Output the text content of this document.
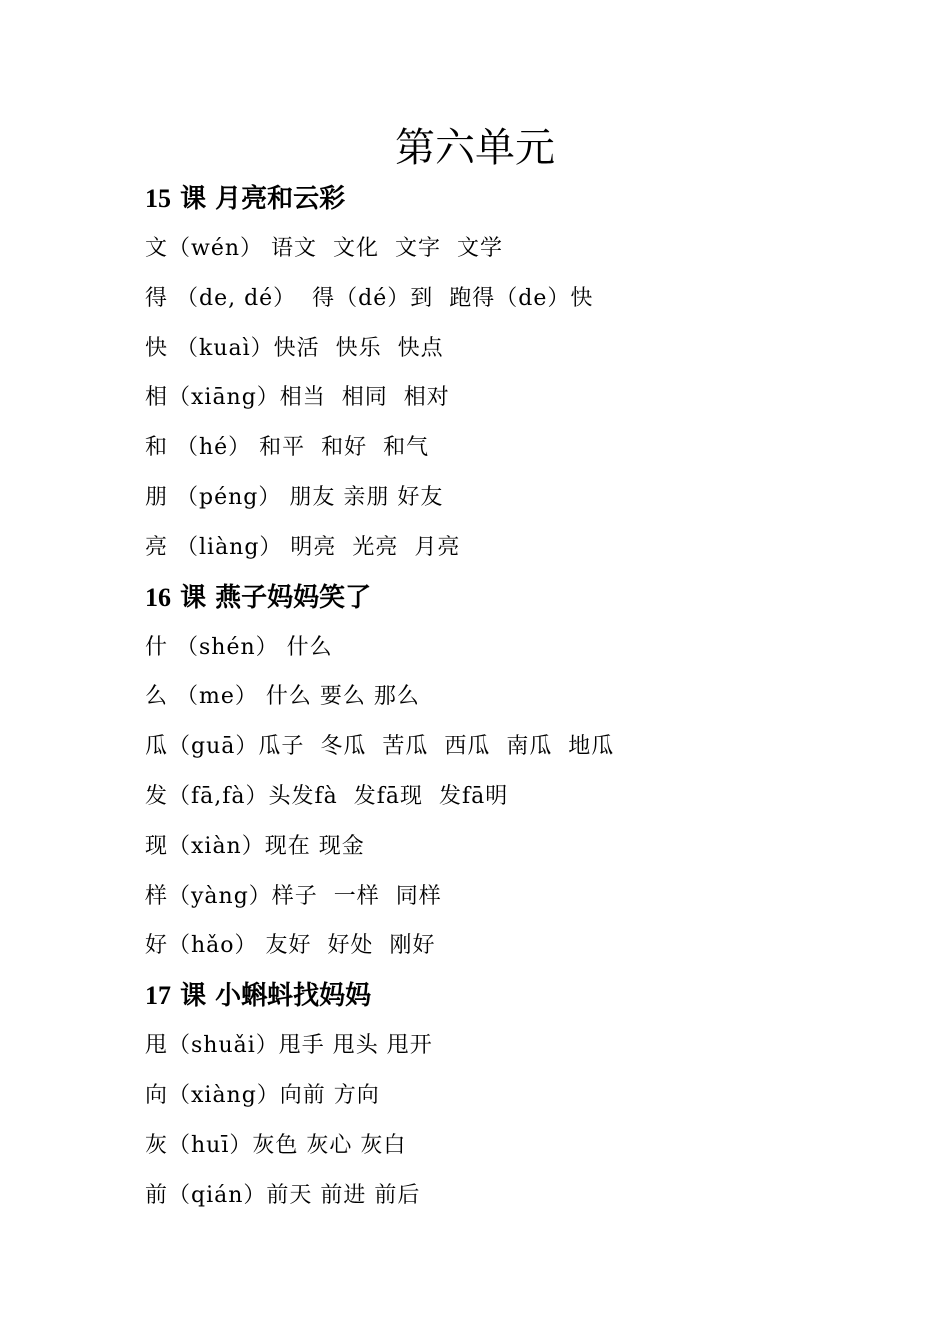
第六单元
15 课 月亮和云彩
文（wén） 语文  文化  文字  文学
得 （de, dé）  得（dé）到  跑得（de）快
快 （kuaì）快活  快乐  快点
相（xiāng）相当  相同  相对
和 （hé） 和平  和好  和气
朋 （péng） 朋友 亲朋 好友
亮 （liàng） 明亮  光亮  月亮
16 课 燕子妈妈笑了
什 （shén） 什么
么 （me） 什么 要么 那么
瓜（guā）瓜子  冬瓜  苦瓜  西瓜  南瓜  地瓜
发（fā,fà）头发fà  发fā现  发fā明
现（xiàn）现在 现金
样（yàng）样子  一样  同样
好（hǎo） 友好  好处  刚好
17 课 小蝌蚪找妈妈
甩（shuǎi）甩手 甩头 甩开
向（xiàng）向前 方向
灰（huī）灰色 灰心 灰白
前（qián）前天 前进 前后
